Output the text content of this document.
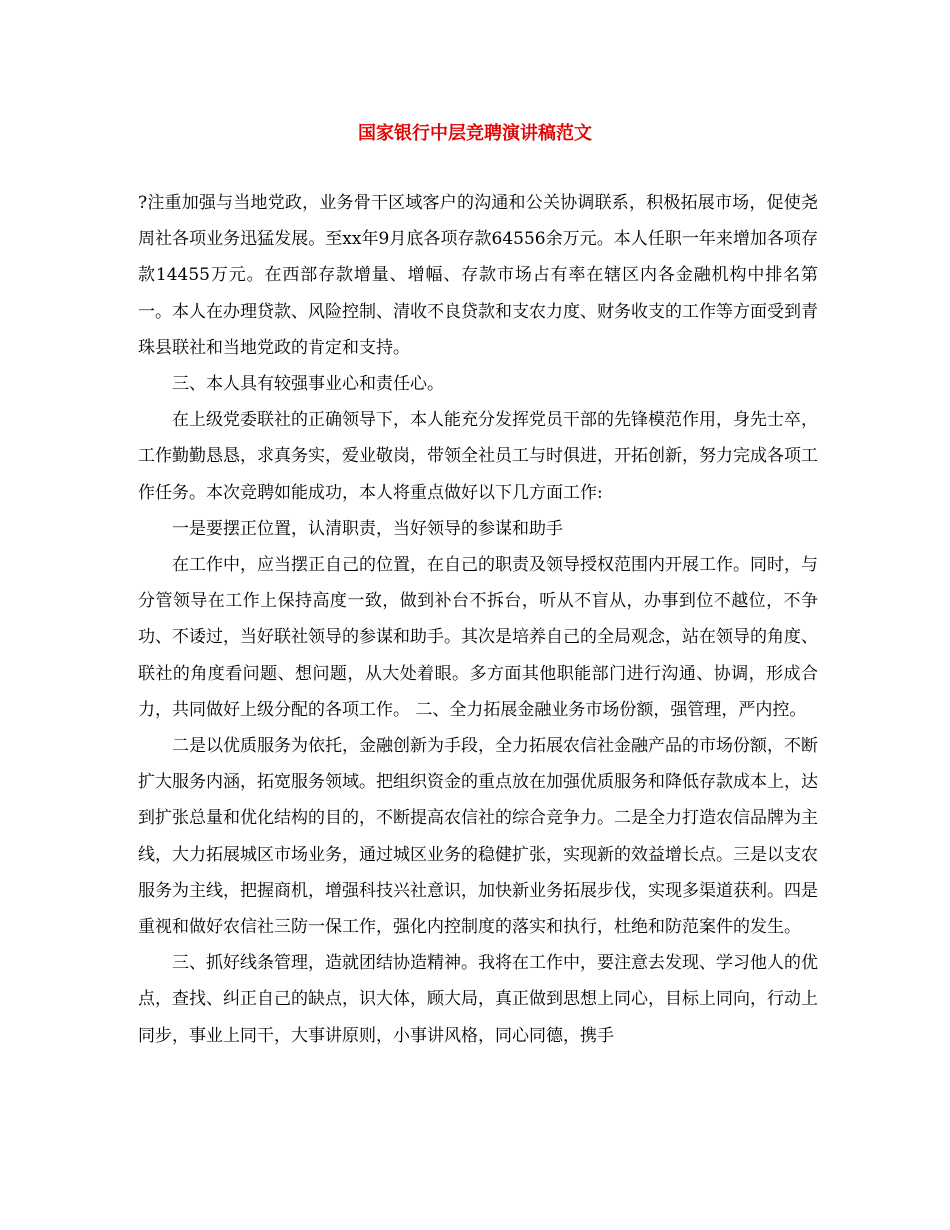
国家银行中层竞聘演讲稿范文

?注重加强与当地党政，业务骨干区域客户的沟通和公关协调联系，积极拓展市场，促使尧周社各项业务迅猛发展。至xx年9月底各项存款64556余万元。本人任职一年来增加各项存款14455万元。在西部存款增量、增幅、存款市场占有率在辖区内各金融机构中排名第一。本人在办理贷款、风险控制、清收不良贷款和支农力度、财务收支的工作等方面受到青珠县联社和当地党政的肯定和支持。

三、本人具有较强事业心和责任心。

在上级党委联社的正确领导下，本人能充分发挥党员干部的先锋模范作用，身先士卒，工作勤勤恳恳，求真务实，爱业敬岗，带领全社员工与时俱进，开拓创新，努力完成各项工作任务。本次竞聘如能成功，本人将重点做好以下几方面工作:

一是要摆正位置，认清职责，当好领导的参谋和助手

在工作中，应当摆正自己的位置，在自己的职责及领导授权范围内开展工作。同时，与分管领导在工作上保持高度一致，做到补台不拆台，听从不盲从，办事到位不越位，不争功、不诿过，当好联社领导的参谋和助手。其次是培养自己的全局观念，站在领导的角度、联社的角度看问题、想问题，从大处着眼。多方面其他职能部门进行沟通、协调，形成合力，共同做好上级分配的各项工作。 二、全力拓展金融业务市场份额，强管理，严内控。

二是以优质服务为依托，金融创新为手段，全力拓展农信社金融产品的市场份额，不断扩大服务内涵，拓宽服务领域。把组织资金的重点放在加强优质服务和降低存款成本上，达到扩张总量和优化结构的目的，不断提高农信社的综合竞争力。二是全力打造农信品牌为主线，大力拓展城区市场业务，通过城区业务的稳健扩张，实现新的效益增长点。三是以支农服务为主线，把握商机，增强科技兴社意识，加快新业务拓展步伐，实现多渠道获利。四是重视和做好农信社三防一保工作，强化内控制度的落实和执行，杜绝和防范案件的发生。

三、抓好线条管理，造就团结协造精神。我将在工作中，要注意去发现、学习他人的优点，查找、纠正自己的缺点，识大体，顾大局，真正做到思想上同心，目标上同向，行动上同步，事业上同干，大事讲原则，小事讲风格，同心同德，携手
